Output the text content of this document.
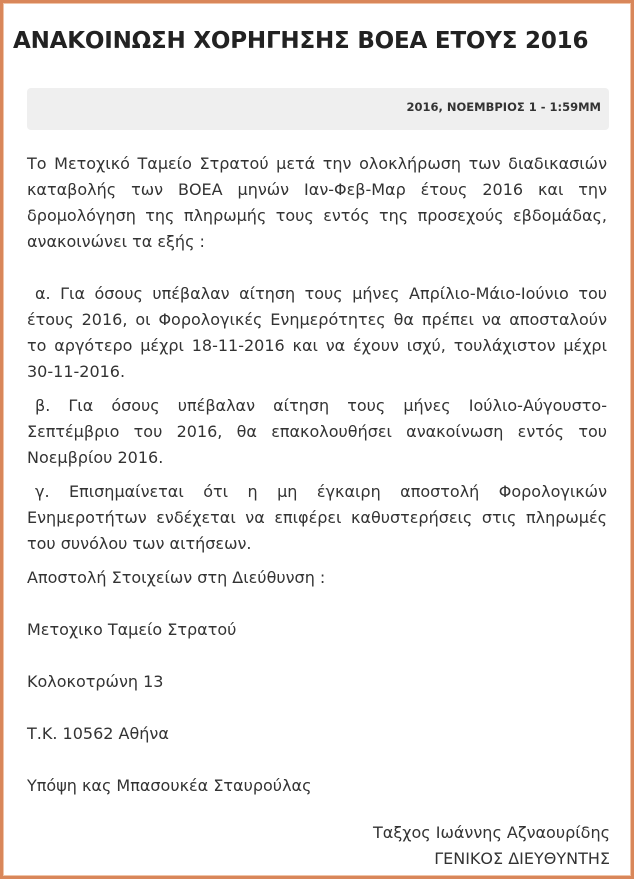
ΑΝΑΚΟΙΝΩΣΗ ΧΟΡΗΓΗΣΗΣ ΒΟΕΑ ΕΤΟΥΣ 2016
2016, ΝΟΕΜΒΡΙΟΣ 1 - 1:59ΜΜ

Το Μετοχικό Ταμείο Στρατού μετά την ολοκλήρωση των διαδικασιών καταβολής των ΒΟΕΑ μηνών Ιαν-Φεβ-Μαρ έτους 2016 και την δρομολόγηση της πληρωμής τους εντός της προσεχούς εβδομάδας, ανακοινώνει τα εξής :

α. Για όσους υπέβαλαν αίτηση τους μήνες Απρίλιο-Μάιο-Ιούνιο του έτους 2016, οι Φορολογικές Ενημερότητες θα πρέπει να αποσταλούν το αργότερο μέχρι 18-11-2016 και να έχουν ισχύ, τουλάχιστον μέχρι 30-11-2016.

β. Για όσους υπέβαλαν αίτηση τους μήνες Ιούλιο-Αύγουστο-Σεπτέμβριο του 2016, θα επακολουθήσει ανακοίνωση εντός του Νοεμβρίου 2016.

γ. Επισημαίνεται ότι η μη έγκαιρη αποστολή Φορολογικών Ενημεροτήτων ενδέχεται να επιφέρει καθυστερήσεις στις πληρωμές του συνόλου των αιτήσεων.

Αποστολή Στοιχείων στη Διεύθυνση :

Μετοχικο Ταμείο Στρατού

Κολοκοτρώνη 13

Τ.Κ. 10562 Αθήνα

Υπόψη κας Μπασουκέα Σταυρούλας

Ταξχος Ιωάννης Αζναουρίδης
ΓΕΝΙΚΟΣ ΔΙΕΥΘΥΝΤΗΣ
